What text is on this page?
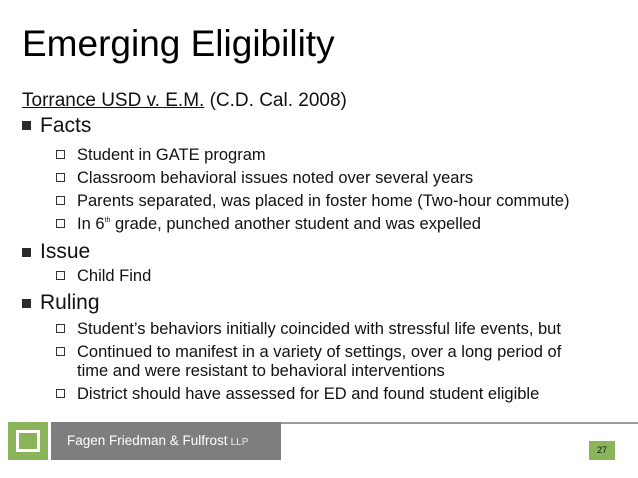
Emerging Eligibility
Torrance USD v. E.M. (C.D. Cal. 2008)
Facts
Student in GATE program
Classroom behavioral issues noted over several years
Parents separated, was placed in foster home (Two-hour commute)
In 6th grade, punched another student and was expelled
Issue
Child Find
Ruling
Student’s behaviors initially coincided with stressful life events, but
Continued to manifest in a variety of settings, over a long period of
time and were resistant to behavioral interventions
District should have assessed for ED and found student eligible
Fagen Friedman & Fulfrost LLP
27
